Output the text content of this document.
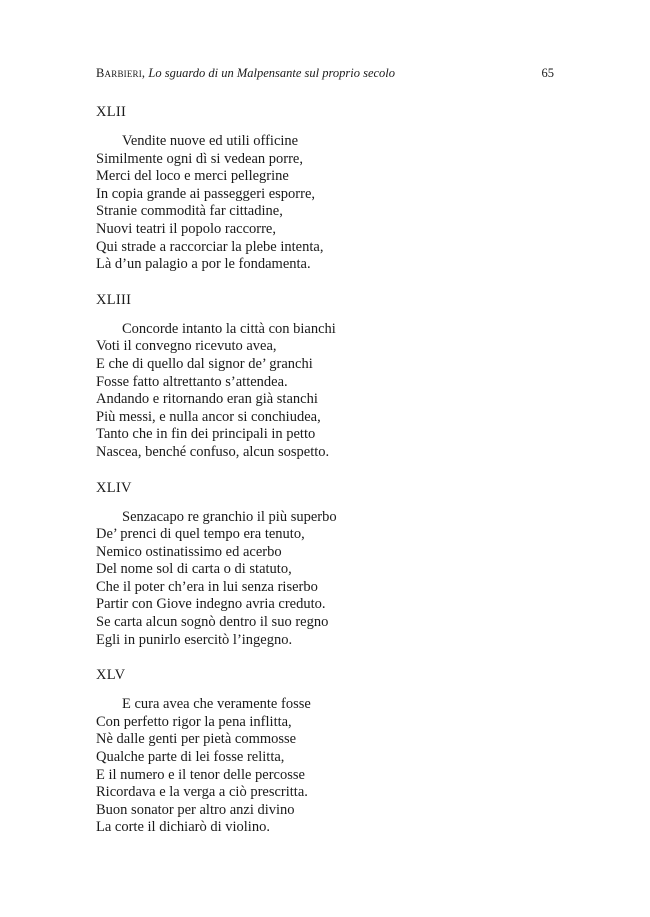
Barbieri, Lo sguardo di un Malpensante sul proprio secolo	65
XLII
Vendite nuove ed utili officine
Similmente ogni dì si vedean porre,
Merci del loco e merci pellegrine
In copia grande ai passeggeri esporre,
Stranie commodità far cittadine,
Nuovi teatri il popolo raccorre,
Qui strade a raccorciar la plebe intenta,
Là d’un palagio a por le fondamenta.
XLIII
Concorde intanto la città con bianchi
Voti il convegno ricevuto avea,
E che di quello dal signor de’ granchi
Fosse fatto altrettanto s’attendea.
Andando e ritornando eran già stanchi
Più messi, e nulla ancor si conchiudea,
Tanto che in fin dei principali in petto
Nascea, benché confuso, alcun sospetto.
XLIV
Senzacapo re granchio il più superbo
De’ prenci di quel tempo era tenuto,
Nemico ostinatissimo ed acerbo
Del nome sol di carta o di statuto,
Che il poter ch’era in lui senza riserbo
Partir con Giove indegno avria creduto.
Se carta alcun sognò dentro il suo regno
Egli in punirlo esercitò l’ingegno.
XLV
E cura avea che veramente fosse
Con perfetto rigor la pena inflitta,
Nè dalle genti per pietà commosse
Qualche parte di lei fosse relitta,
E il numero e il tenor delle percosse
Ricordava e la verga a ciò prescritta.
Buon sonator per altro anzi divino
La corte il dichiarò di violino.
